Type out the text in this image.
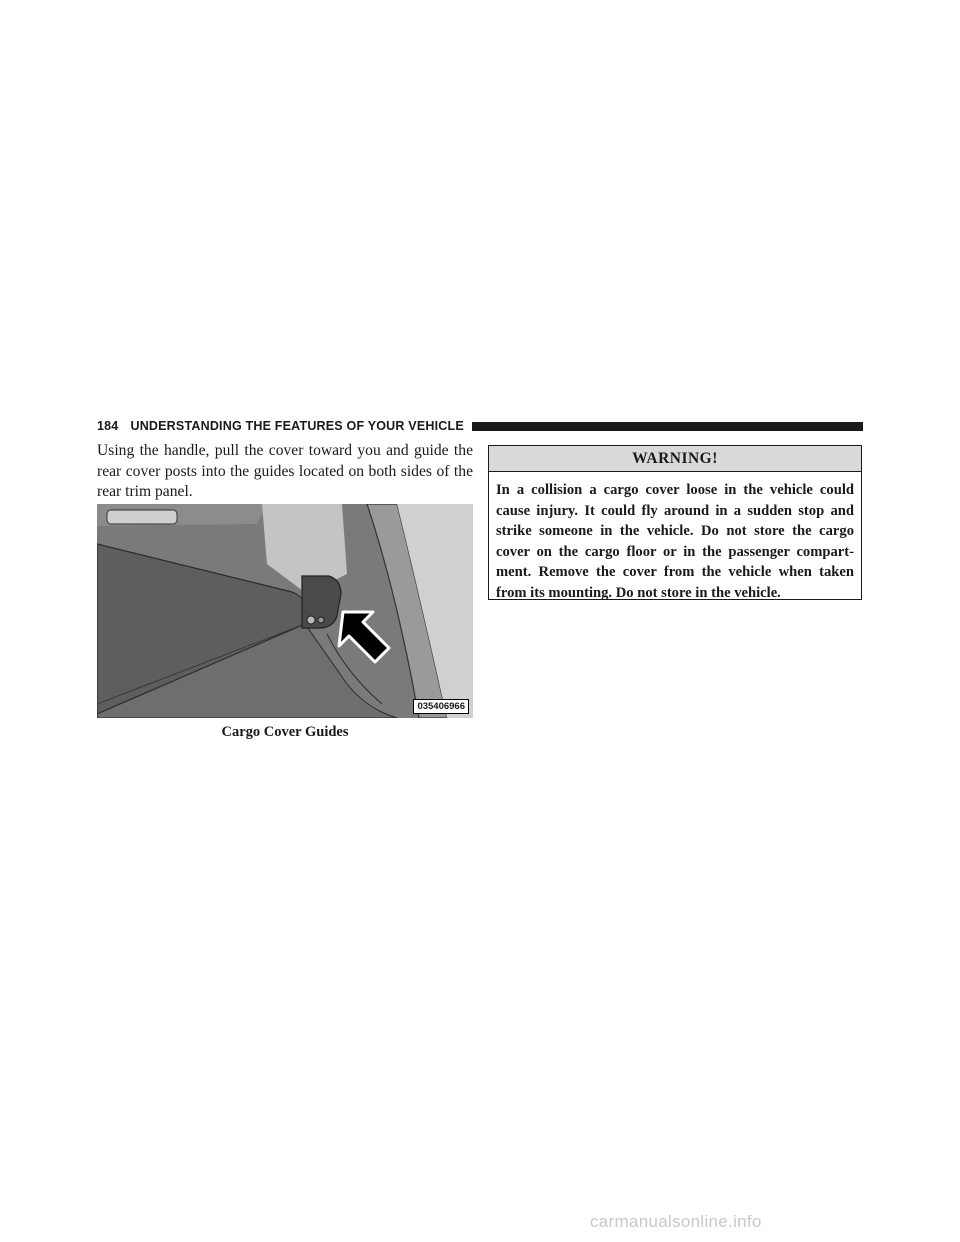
184 UNDERSTANDING THE FEATURES OF YOUR VEHICLE

Using the handle, pull the cover toward you and guide the rear cover posts into the guides located on both sides of the rear trim panel.

035406966
Cargo Cover Guides
WARNING!
In a collision a cargo cover loose in the vehicle could cause injury. It could fly around in a sudden stop and strike someone in the vehicle. Do not store the cargo cover on the cargo floor or in the passenger compart-ment. Remove the cover from the vehicle when taken from its mounting. Do not store in the vehicle.
carmanualsonline.info
